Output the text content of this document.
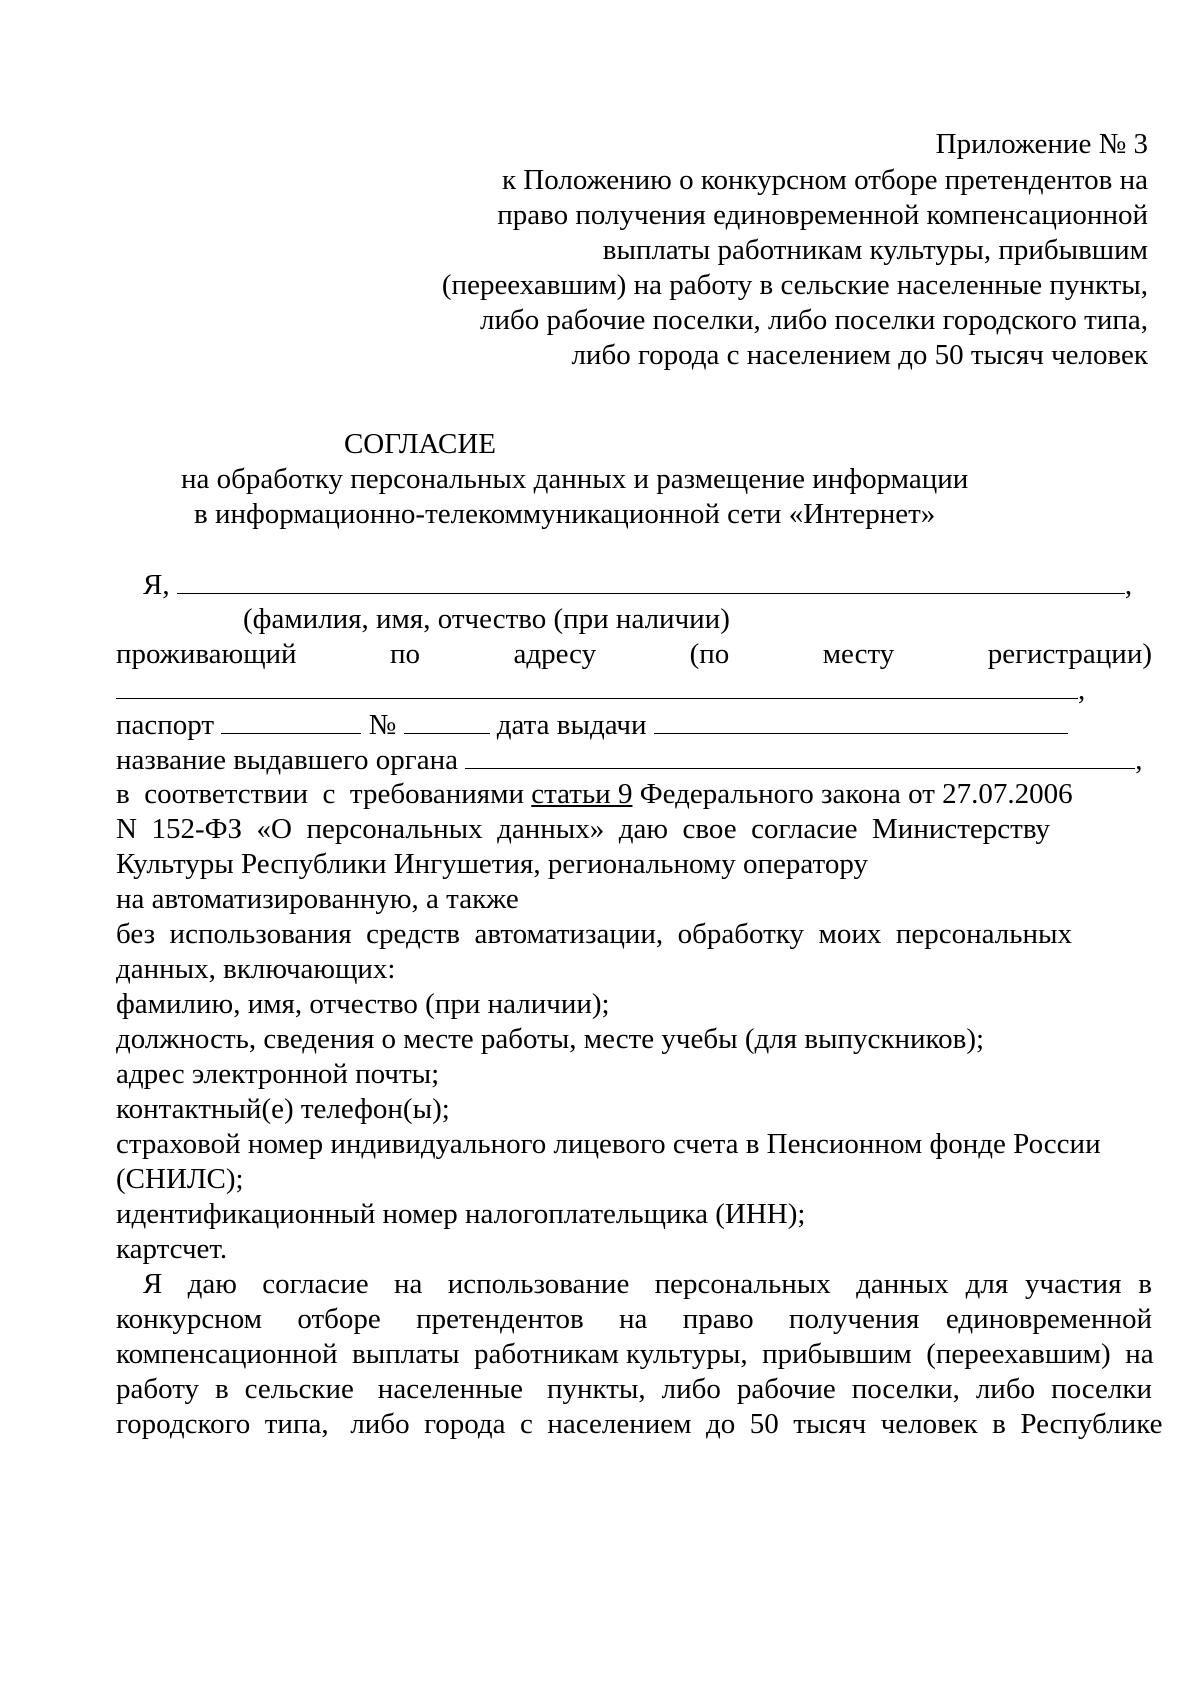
Приложение № 3
к Положению о конкурсном отборе претендентов на
право получения единовременной компенсационной
выплаты работникам культуры, прибывшим
(переехавшим) на работу в сельские населенные пункты,
либо рабочие поселки, либо поселки городского типа,
либо города с населением до 50 тысяч человек
СОГЛАСИЕ
на обработку персональных данных и размещение информации
в информационно-телекоммуникационной сети «Интернет»
Я,	,
(фамилия, имя, отчество (при наличии)
проживающий	по	адресу	(по	месту	регистрации)
,
паспорт	№	дата выдачи
название выдавшего органа	,
в  соответствии  с  требованиями статьи 9 Федерального закона от 27.07.2006
N  152-ФЗ  «О  персональных  данных»  даю  свое  согласие  Министерству
Культуры Республики Ингушетия, региональному оператору
на автоматизированную, а также
без  использования  средств  автоматизации,  обработку  моих  персональных
данных, включающих:
фамилию, имя, отчество (при наличии);
должность, сведения о месте работы, месте учебы (для выпускников);
адрес электронной почты;
контактный(е) телефон(ы);
страховой номер индивидуального лицевого счета в Пенсионном фонде России
(СНИЛС);
идентификационный номер налогоплательщика (ИНН);
картсчет.
Я   даю   согласие   на   использование   персональных   данных  для  участия  в
конкурсном    отборе    претендентов    на    право    получения   единовременной
компенсационной  выплаты  работникам культуры,  прибывшим  (переехавшим)  на
работу  в  сельские   населенные   пункты,  либо  рабочие  поселки,  либо  поселки
городского  типа,   либо  города  с  населением  до  50  тысяч  человек  в  Республике
